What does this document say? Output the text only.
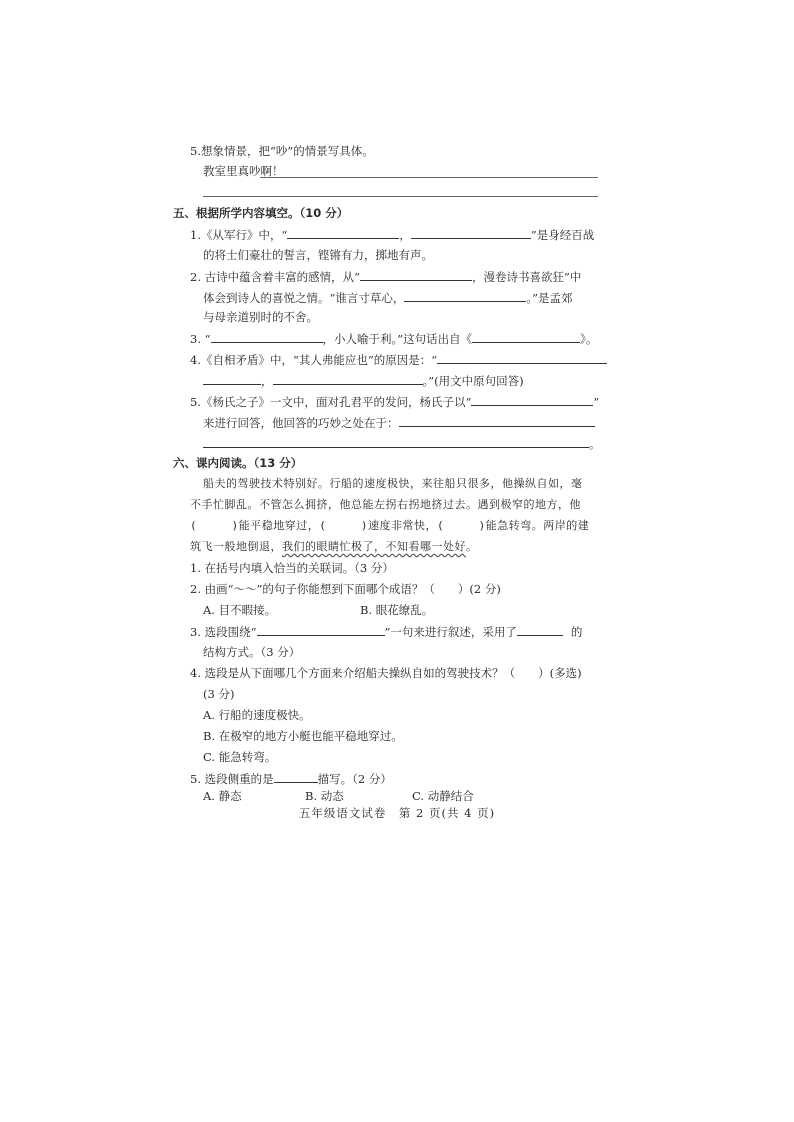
5.想象情景，把“吵”的情景写具体。
教室里真吵啊！
五、根据所学内容填空。（10 分）
1.《从军行》中，“	，	”是身经百战
的将士们豪壮的誓言，铿锵有力，掷地有声。
2. 古诗中蕴含着丰富的感情，从“	，漫卷诗书喜欲狂”中
体会到诗人的喜悦之情。“谁言寸草心，	。”是孟郊
与母亲道别时的不舍。
3. “	，小人喻于利。”这句话出自《	》。
4.《自相矛盾》中，“其人弗能应也”的原因是：“
，	。”(用文中原句回答)
5.《杨氏之子》一文中，面对孔君平的发问，杨氏子以“	”
来进行回答，他回答的巧妙之处在于：
。
六、课内阅读。（13 分）
船夫的驾驶技术特别好。行船的速度极快，来往船只很多，他操纵自如，毫
不手忙脚乱。不管怎么拥挤，他总能左拐右拐地挤过去。遇到极窄的地方，他
(　　　)能平稳地穿过，(　　　)速度非常快，(　　　)能急转弯。两岸的建
筑飞一般地倒退，我们的眼睛忙极了，不知看哪一处好。
1. 在括号内填入恰当的关联词。（3 分）
2. 由画“～～”的句子你能想到下面哪个成语？（　　）(2 分)
A. 目不暇接。	B. 眼花缭乱。
3. 选段围绕“	”一句来进行叙述，采用了	的
结构方式。（3 分）
4. 选段是从下面哪几个方面来介绍船夫操纵自如的驾驶技术？（　　）(多选)
(3 分)
A. 行船的速度极快。
B. 在极窄的地方小艇也能平稳地穿过。
C. 能急转弯。
5. 选段侧重的是	描写。（2 分）
A. 静态	B. 动态	C. 动静结合
五年级语文试卷　第 2 页(共 4 页)
